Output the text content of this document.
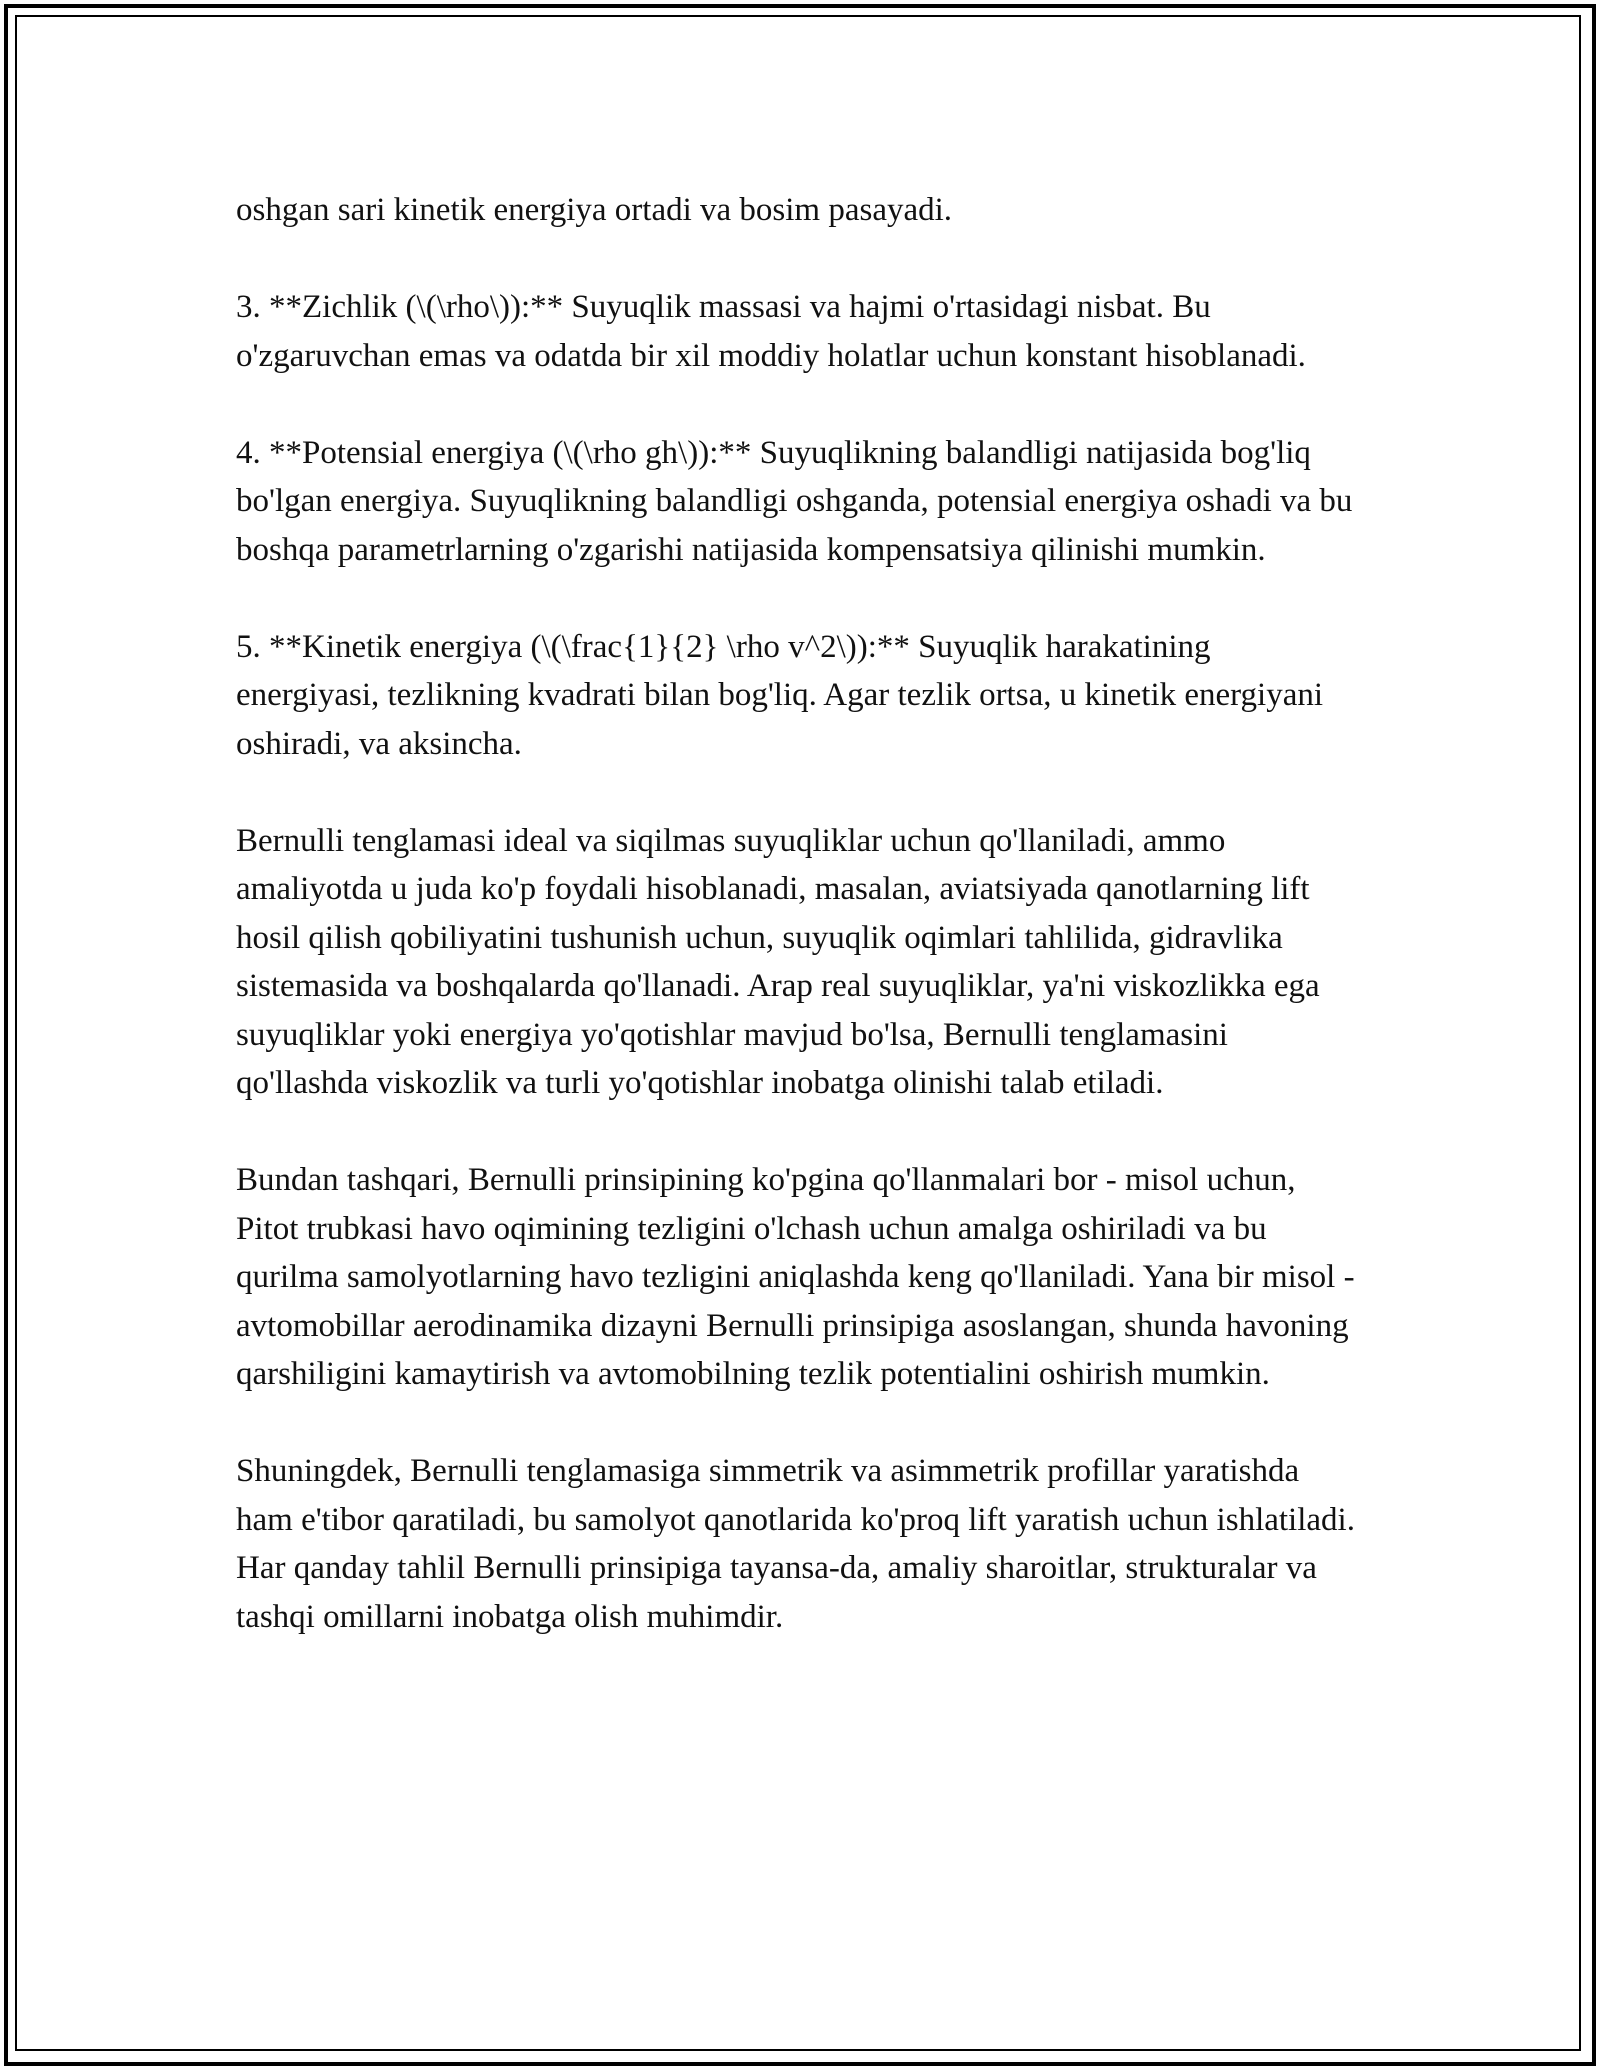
oshgan sari kinetik energiya ortadi va bosim pasayadi.

3. **Zichlik (\(\rho\)):** Suyuqlik massasi va hajmi o'rtasidagi nisbat. Bu o'zgaruvchan emas va odatda bir xil moddiy holatlar uchun konstant hisoblanadi.

4. **Potensial energiya (\(\rho gh\)):** Suyuqlikning balandligi natijasida bog'liq bo'lgan energiya. Suyuqlikning balandligi oshganda, potensial energiya oshadi va bu boshqa parametrlarning o'zgarishi natijasida kompensatsiya qilinishi mumkin.

5. **Kinetik energiya (\(\frac{1}{2} \rho v^2\)):** Suyuqlik harakatining energiyasi, tezlikning kvadrati bilan bog'liq. Agar tezlik ortsa, u kinetik energiyani oshiradi, va aksincha.

Bernulli tenglamasi ideal va siqilmas suyuqliklar uchun qo'llaniladi, ammo amaliyotda u juda ko'p foydali hisoblanadi, masalan, aviatsiyada qanotlarning lift hosil qilish qobiliyatini tushunish uchun, suyuqlik oqimlari tahlilida, gidravlika sistemasida va boshqalarda qo'llanadi. Arap real suyuqliklar, ya'ni viskozlikka ega suyuqliklar yoki energiya yo'qotishlar mavjud bo'lsa, Bernulli tenglamasini qo'llashda viskozlik va turli yo'qotishlar inobatga olinishi talab etiladi.

Bundan tashqari, Bernulli prinsipining ko'pgina qo'llanmalari bor - misol uchun, Pitot trubkasi havo oqimining tezligini o'lchash uchun amalga oshiriladi va bu qurilma samolyotlarning havo tezligini aniqlashda keng qo'llaniladi. Yana bir misol - avtomobillar aerodinamika dizayni Bernulli prinsipiga asoslangan, shunda havoning qarshiligini kamaytirish va avtomobilning tezlik potentialini oshirish mumkin.

Shuningdek, Bernulli tenglamasiga simmetrik va asimmetrik profillar yaratishda ham e'tibor qaratiladi, bu samolyot qanotlarida ko'proq lift yaratish uchun ishlatiladi. Har qanday tahlil Bernulli prinsipiga tayansa-da, amaliy sharoitlar, strukturalar va tashqi omillarni inobatga olish muhimdir.
